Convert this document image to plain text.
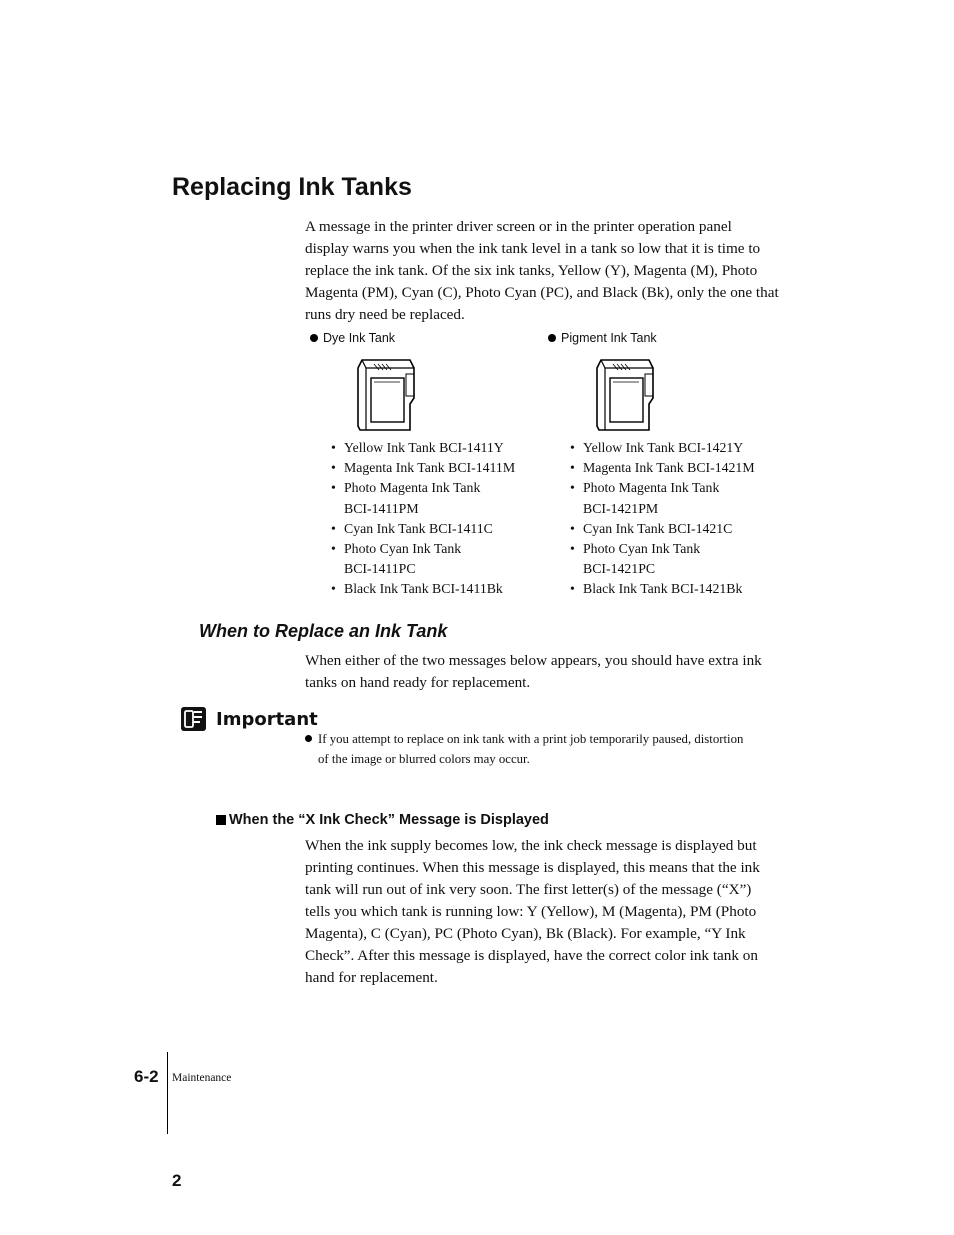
Replacing Ink Tanks

A message in the printer driver screen or in the printer operation panel display warns you when the ink tank level in a tank so low that it is time to replace the ink tank. Of the six ink tanks, Yellow (Y), Magenta (M), Photo Magenta (PM), Cyan (C), Photo Cyan (PC), and Black (Bk), only the one that runs dry need be replaced.

Dye Ink Tank
• Yellow Ink Tank BCI-1411Y
• Magenta Ink Tank BCI-1411M
• Photo Magenta Ink Tank BCI-1411PM
• Cyan Ink Tank BCI-1411C
• Photo Cyan Ink Tank BCI-1411PC
• Black Ink Tank BCI-1411Bk
Pigment Ink Tank
• Yellow Ink Tank BCI-1421Y
• Magenta Ink Tank BCI-1421M
• Photo Magenta Ink Tank BCI-1421PM
• Cyan Ink Tank BCI-1421C
• Photo Cyan Ink Tank BCI-1421PC
• Black Ink Tank BCI-1421Bk
When to Replace an Ink Tank

When either of the two messages below appears, you should have extra ink tanks on hand ready for replacement.

Important
If you attempt to replace on ink tank with a print job temporarily paused, distortion
of the image or blurred colors may occur.
When the “X Ink Check” Message is Displayed

When the ink supply becomes low, the ink check message is displayed but printing continues. When this message is displayed, this means that the ink tank will run out of ink very soon. The first letter(s) of the message (“X”) tells you which tank is running low: Y (Yellow), M (Magenta), PM (Photo Magenta), C (Cyan), PC (Photo Cyan), Bk (Black). For example, “Y Ink Check”. After this message is displayed, have the correct color ink tank on hand for replacement.

6-2 Maintenance
2
